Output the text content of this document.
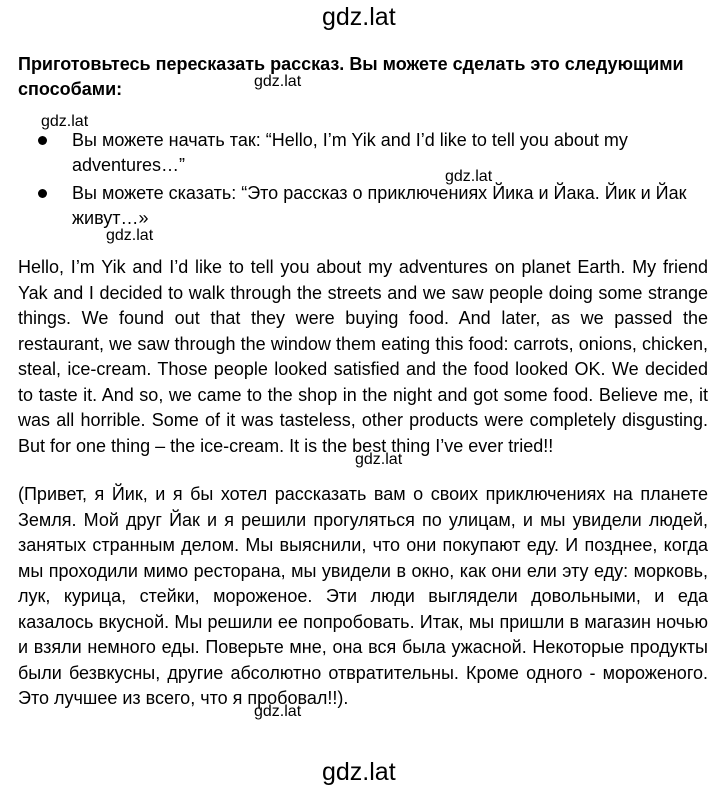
gdz.lat
Приготовьтесь пересказать рассказ. Вы можете сделать это следующими способами:
Вы можете начать так: “Hello, I’m Yik and I’d like to tell you about my adventures…”
Вы можете сказать: “Это рассказ о приключениях Йика и Йака. Йик и Йак живут…»
Hello, I’m Yik and I’d like to tell you about my adventures on planet Earth. My friend Yak and I decided to walk through the streets and we saw people doing some strange things. We found out that they were buying food. And later, as we passed the restaurant, we saw through the window them eating this food: carrots, onions, chicken, steal, ice-cream. Those people looked satisfied and the food looked OK. We decided to taste it. And so, we came to the shop in the night and got some food. Believe me, it was all horrible. Some of it was tasteless, other products were completely disgusting. But for one thing – the ice-cream. It is the best thing I’ve ever tried!!
(Привет, я Йик, и я бы хотел рассказать вам о своих приключениях на планете Земля. Мой друг Йак и я решили прогуляться по улицам, и мы увидели людей, занятых странным делом. Мы выяснили, что они покупают еду. И позднее, когда мы проходили мимо ресторана, мы увидели в окно, как они ели эту еду: морковь, лук, курица, стейки, мороженое. Эти люди выглядели довольными, и еда казалось вкусной. Мы решили ее попробовать. Итак, мы пришли в магазин ночью и взяли немного еды. Поверьте мне, она вся была ужасной. Некоторые продукты были безвкусны, другие абсолютно отвратительны. Кроме одного - мороженого. Это лучшее из всего, что я пробовал!!).
gdz.lat
gdz.lat
gdz.lat
gdz.lat
gdz.lat
gdz.lat
gdz.lat
